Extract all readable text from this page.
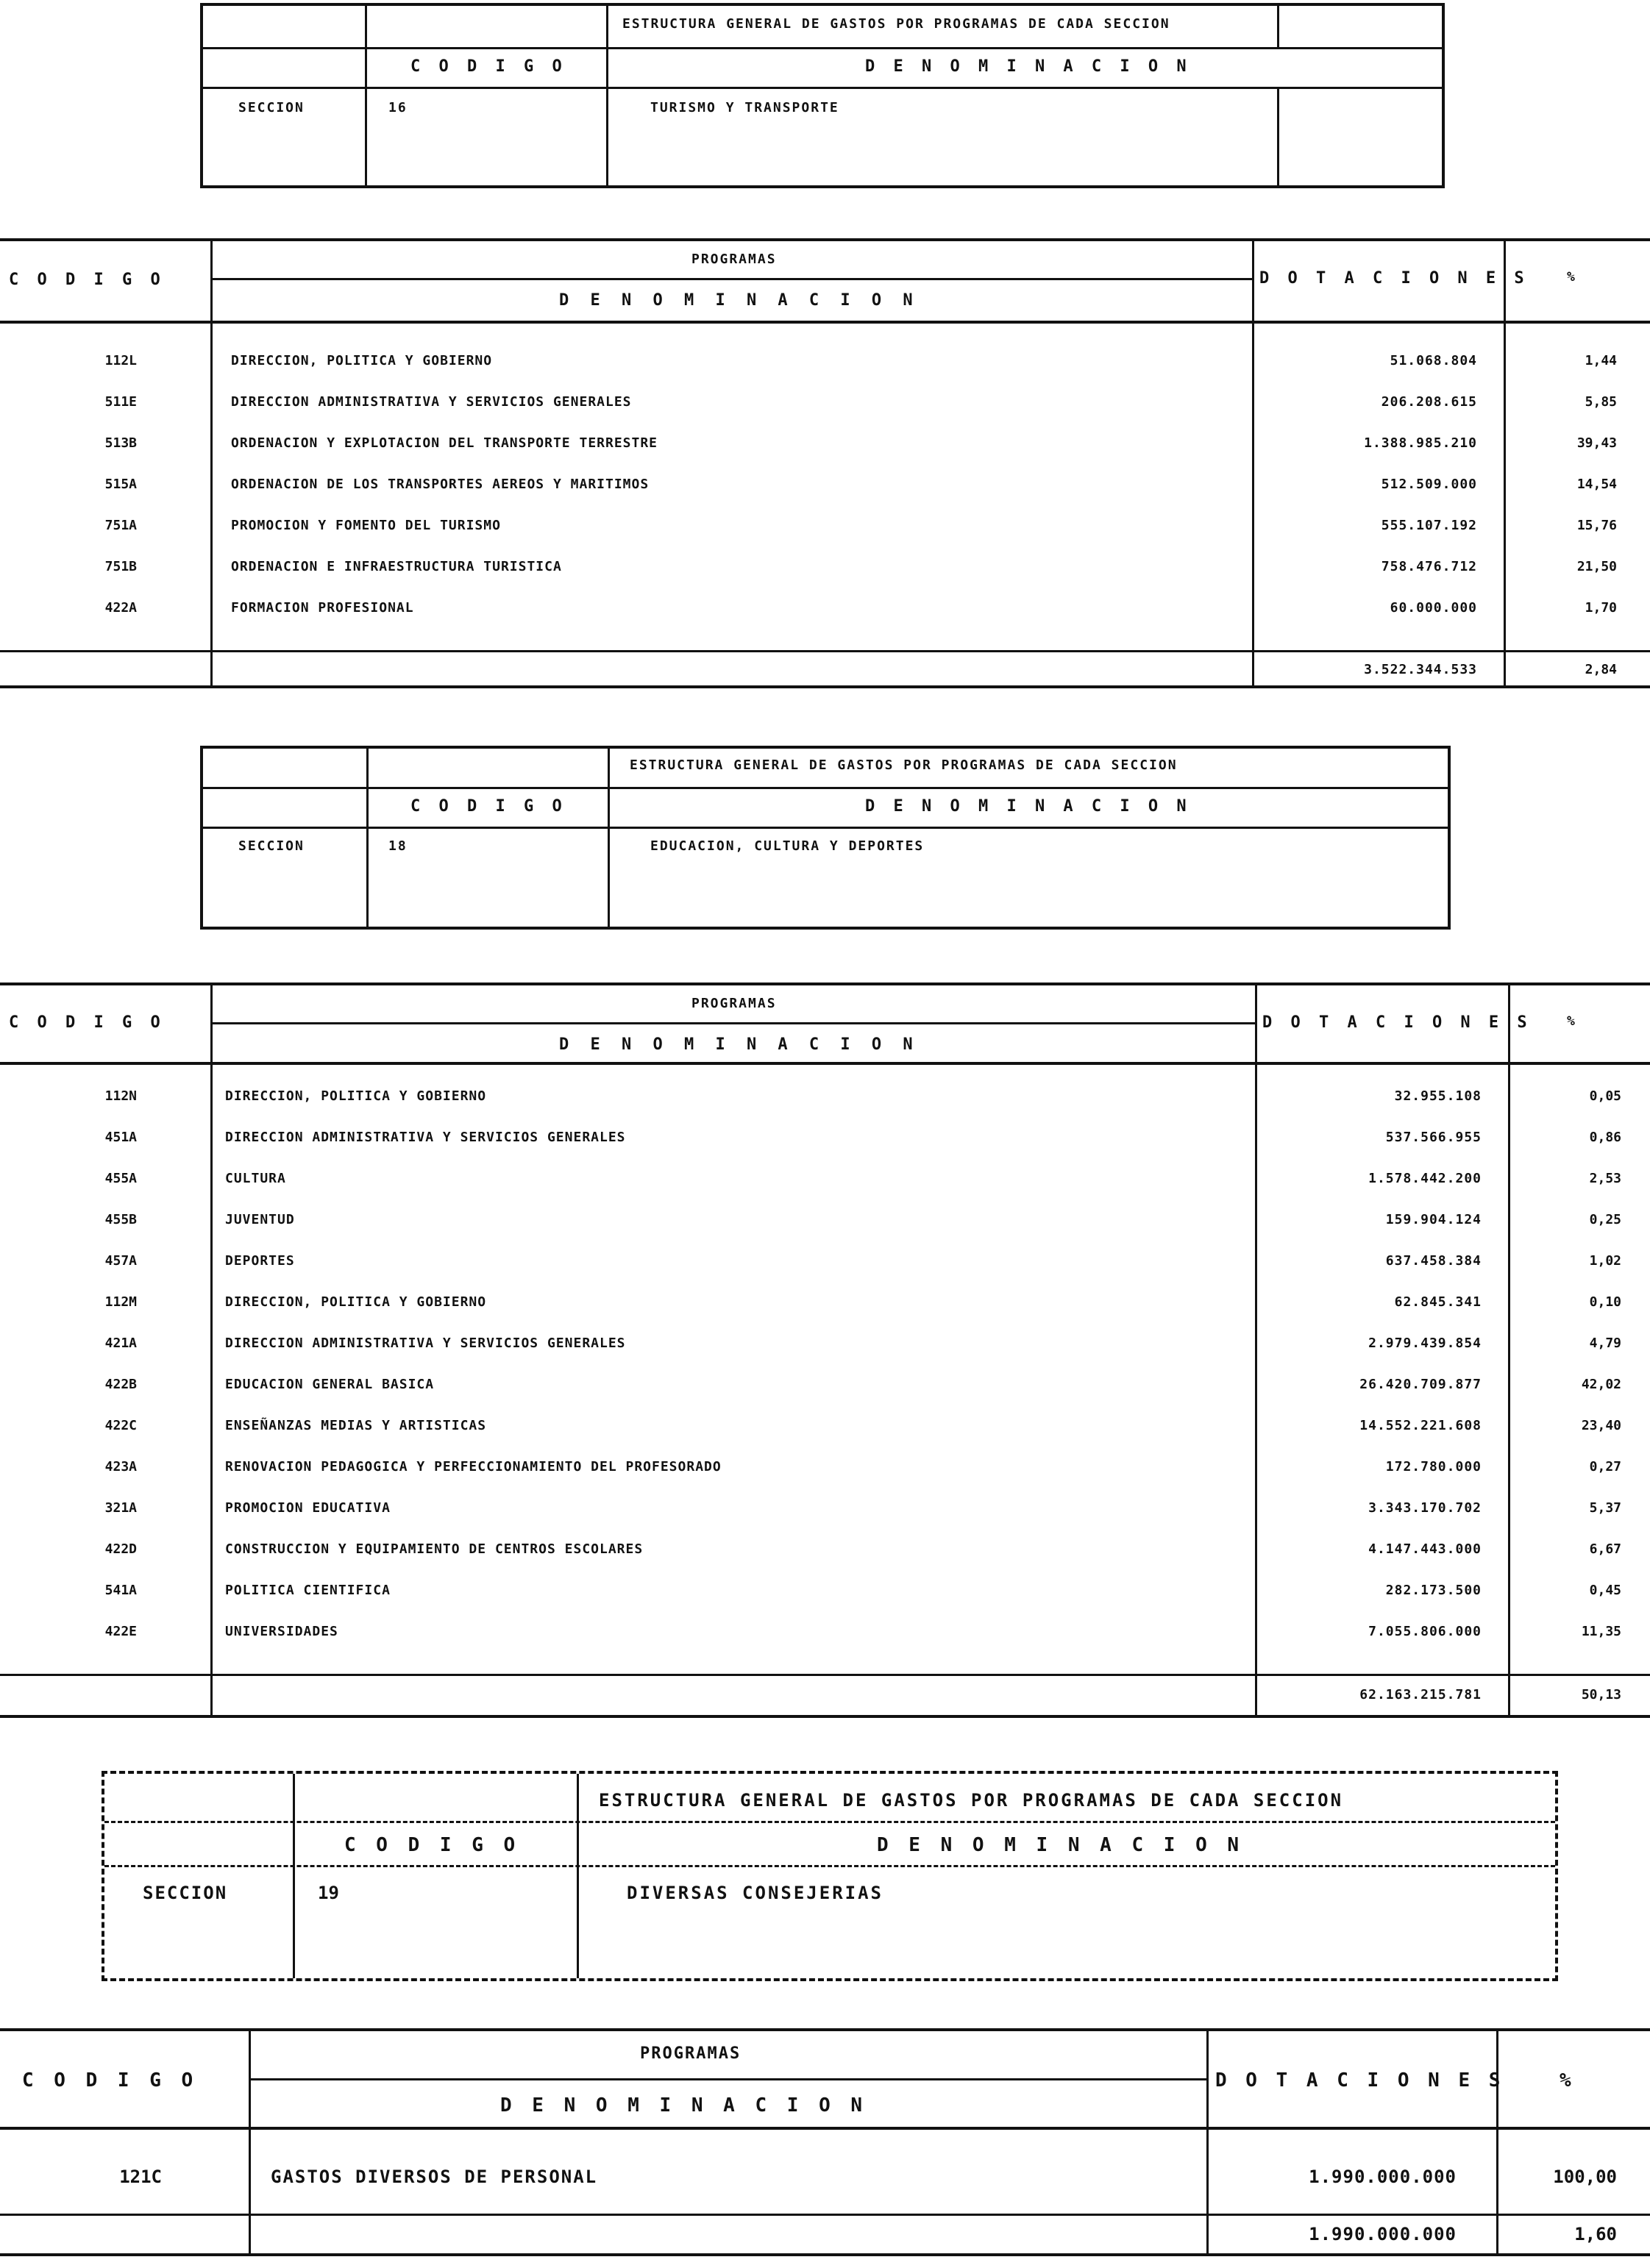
ESTRUCTURA GENERAL DE GASTOS POR PROGRAMAS DE CADA SECCION
C O D I G O	D E N O M I N A C I O N
SECCION	16	TURISMO Y TRANSPORTE
C O D I G O
PROGRAMAS
D E N O M I N A C I O N
D O T A C I O N E S	%
112L	DIRECCION, POLITICA Y GOBIERNO	51.068.804	1,44
511E	DIRECCION ADMINISTRATIVA Y SERVICIOS GENERALES	206.208.615	5,85
513B	ORDENACION Y EXPLOTACION DEL TRANSPORTE TERRESTRE	1.388.985.210	39,43
515A	ORDENACION DE LOS TRANSPORTES AEREOS Y MARITIMOS	512.509.000	14,54
751A	PROMOCION Y FOMENTO DEL TURISMO	555.107.192	15,76
751B	ORDENACION E INFRAESTRUCTURA TURISTICA	758.476.712	21,50
422A	FORMACION PROFESIONAL	60.000.000	1,70
3.522.344.533	2,84
ESTRUCTURA GENERAL DE GASTOS POR PROGRAMAS DE CADA SECCION
C O D I G O	D E N O M I N A C I O N
SECCION	18	EDUCACION, CULTURA Y DEPORTES
C O D I G O
PROGRAMAS
D E N O M I N A C I O N
D O T A C I O N E S	%
112N	DIRECCION, POLITICA Y GOBIERNO	32.955.108	0,05
451A	DIRECCION ADMINISTRATIVA Y SERVICIOS GENERALES	537.566.955	0,86
455A	CULTURA	1.578.442.200	2,53
455B	JUVENTUD	159.904.124	0,25
457A	DEPORTES	637.458.384	1,02
112M	DIRECCION, POLITICA Y GOBIERNO	62.845.341	0,10
421A	DIRECCION ADMINISTRATIVA Y SERVICIOS GENERALES	2.979.439.854	4,79
422B	EDUCACION GENERAL BASICA	26.420.709.877	42,02
422C	ENSEÑANZAS MEDIAS Y ARTISTICAS	14.552.221.608	23,40
423A	RENOVACION PEDAGOGICA Y PERFECCIONAMIENTO DEL PROFESORADO	172.780.000	0,27
321A	PROMOCION EDUCATIVA	3.343.170.702	5,37
422D	CONSTRUCCION Y EQUIPAMIENTO DE CENTROS ESCOLARES	4.147.443.000	6,67
541A	POLITICA CIENTIFICA	282.173.500	0,45
422E	UNIVERSIDADES	7.055.806.000	11,35
62.163.215.781	50,13
ESTRUCTURA GENERAL DE GASTOS POR PROGRAMAS DE CADA SECCION
C O D I G O	D E N O M I N A C I O N
SECCION	19	DIVERSAS CONSEJERIAS
C O D I G O
PROGRAMAS
D E N O M I N A C I O N
D O T A C I O N E S	%
121C	GASTOS DIVERSOS DE PERSONAL	1.990.000.000	100,00
1.990.000.000	1,60
